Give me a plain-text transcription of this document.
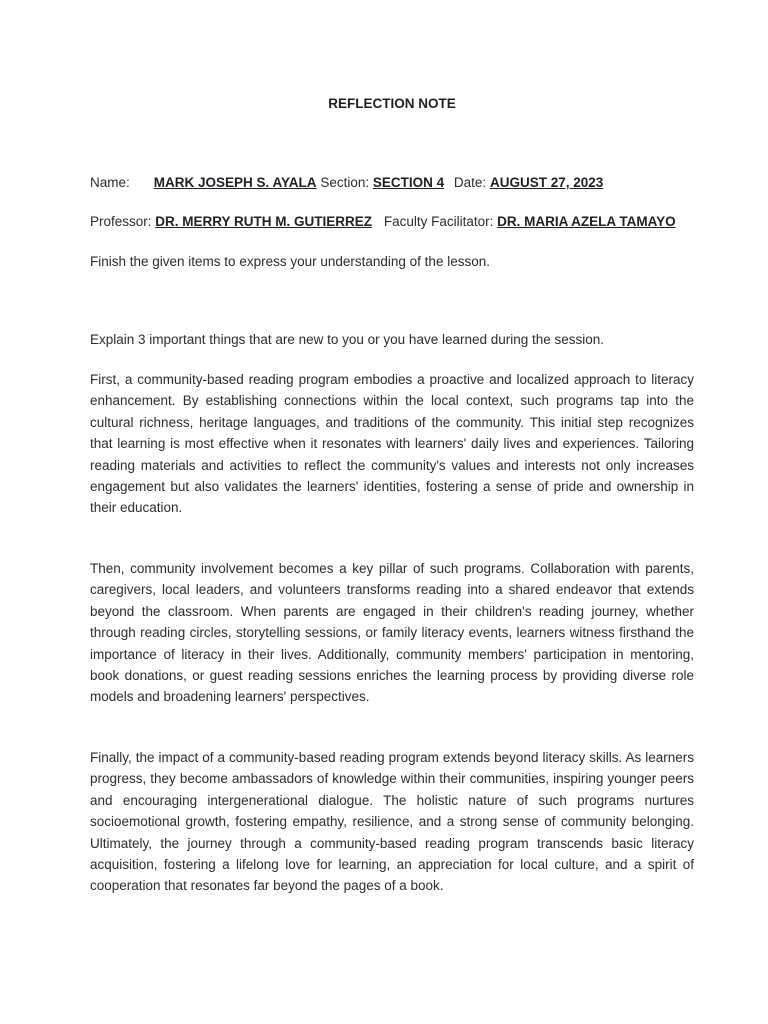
REFLECTION NOTE
Name: MARK JOSEPH S. AYALA Section: SECTION 4 Date: AUGUST 27, 2023
Professor: DR. MERRY RUTH M. GUTIERREZ Faculty Facilitator: DR. MARIA AZELA TAMAYO
Finish the given items to express your understanding of the lesson.
Explain 3 important things that are new to you or you have learned during the session.

First, a community-based reading program embodies a proactive and localized approach to literacy enhancement. By establishing connections within the local context, such programs tap into the cultural richness, heritage languages, and traditions of the community. This initial step recognizes that learning is most effective when it resonates with learners' daily lives and experiences. Tailoring reading materials and activities to reflect the community's values and interests not only increases engagement but also validates the learners' identities, fostering a sense of pride and ownership in their education.

Then, community involvement becomes a key pillar of such programs. Collaboration with parents, caregivers, local leaders, and volunteers transforms reading into a shared endeavor that extends beyond the classroom. When parents are engaged in their children's reading journey, whether through reading circles, storytelling sessions, or family literacy events, learners witness firsthand the importance of literacy in their lives. Additionally, community members' participation in mentoring, book donations, or guest reading sessions enriches the learning process by providing diverse role models and broadening learners' perspectives.

Finally, the impact of a community-based reading program extends beyond literacy skills. As learners progress, they become ambassadors of knowledge within their communities, inspiring younger peers and encouraging intergenerational dialogue. The holistic nature of such programs nurtures socioemotional growth, fostering empathy, resilience, and a strong sense of community belonging. Ultimately, the journey through a community-based reading program transcends basic literacy acquisition, fostering a lifelong love for learning, an appreciation for local culture, and a spirit of cooperation that resonates far beyond the pages of a book.
